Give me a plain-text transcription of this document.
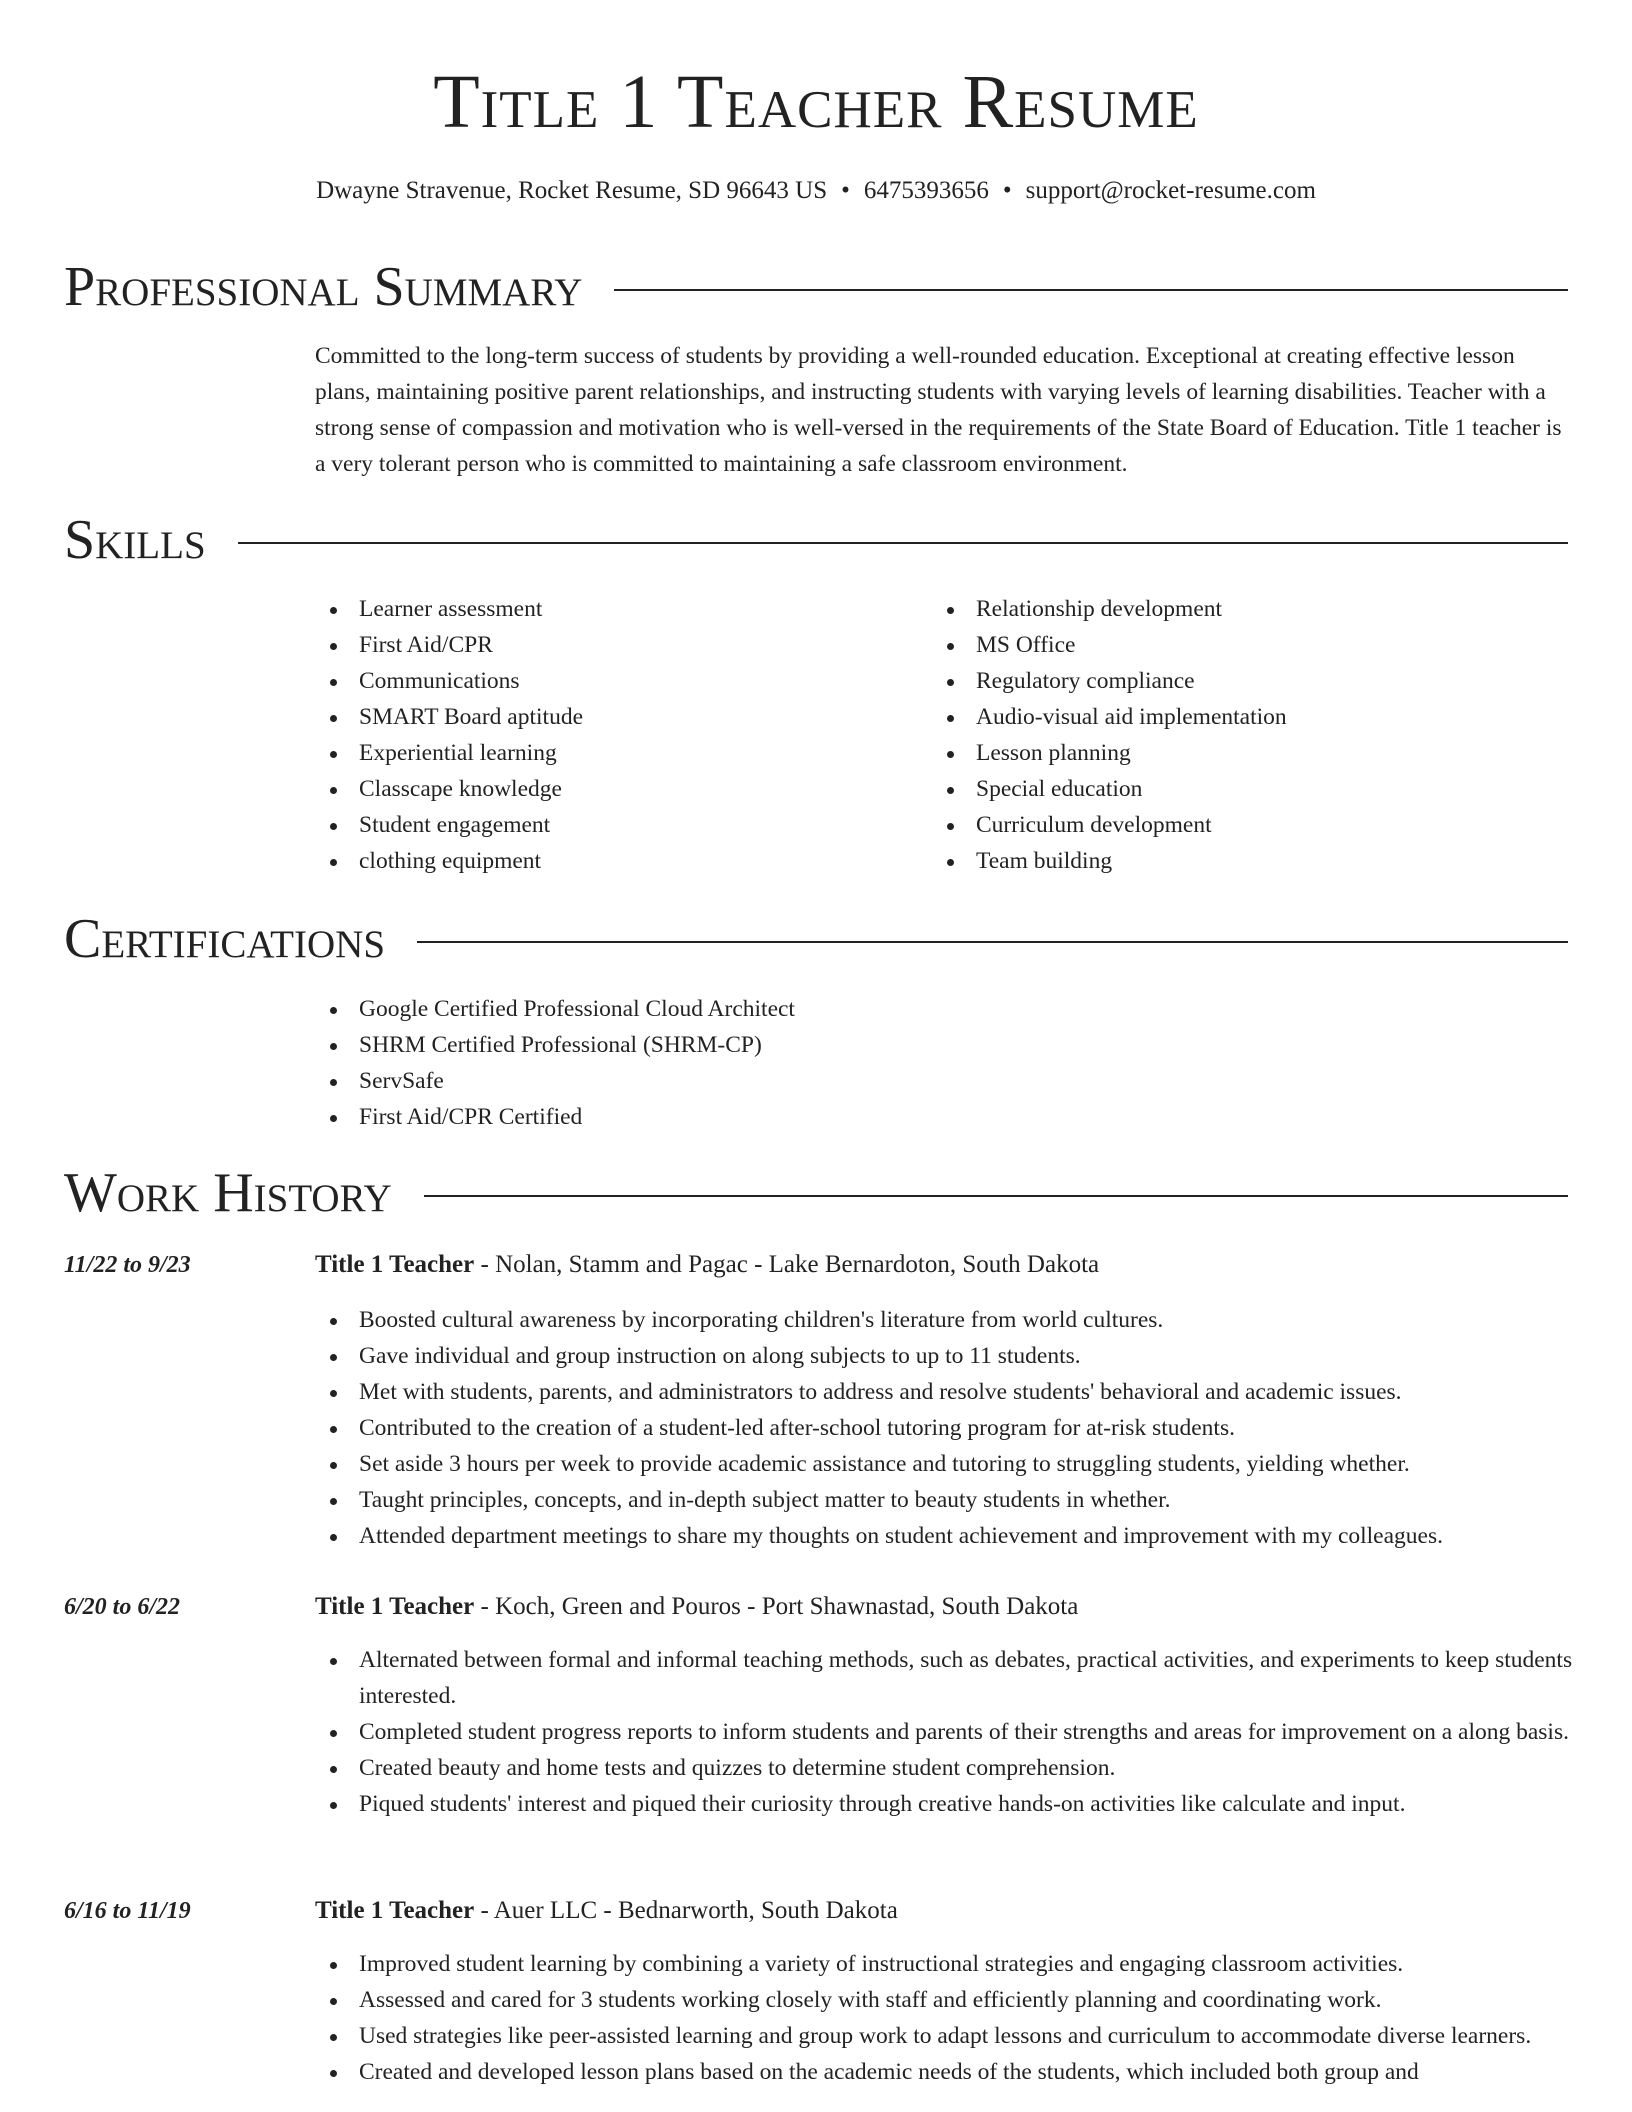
Title 1 Teacher Resume
Dwayne Stravenue, Rocket Resume, SD 96643 US • 6475393656 • support@rocket-resume.com
Professional Summary
Committed to the long-term success of students by providing a well-rounded education. Exceptional at creating effective lesson plans, maintaining positive parent relationships, and instructing students with varying levels of learning disabilities. Teacher with a strong sense of compassion and motivation who is well-versed in the requirements of the State Board of Education. Title 1 teacher is a very tolerant person who is committed to maintaining a safe classroom environment.
Skills
Learner assessment
First Aid/CPR
Communications
SMART Board aptitude
Experiential learning
Classcape knowledge
Student engagement
clothing equipment
Relationship development
MS Office
Regulatory compliance
Audio-visual aid implementation
Lesson planning
Special education
Curriculum development
Team building
Certifications
Google Certified Professional Cloud Architect
SHRM Certified Professional (SHRM-CP)
ServSafe
First Aid/CPR Certified
Work History
11/22 to 9/23	Title 1 Teacher - Nolan, Stamm and Pagac - Lake Bernardoton, South Dakota
Boosted cultural awareness by incorporating children's literature from world cultures.
Gave individual and group instruction on along subjects to up to 11 students.
Met with students, parents, and administrators to address and resolve students' behavioral and academic issues.
Contributed to the creation of a student-led after-school tutoring program for at-risk students.
Set aside 3 hours per week to provide academic assistance and tutoring to struggling students, yielding whether.
Taught principles, concepts, and in-depth subject matter to beauty students in whether.
Attended department meetings to share my thoughts on student achievement and improvement with my colleagues.
6/20 to 6/22	Title 1 Teacher - Koch, Green and Pouros - Port Shawnastad, South Dakota
Alternated between formal and informal teaching methods, such as debates, practical activities, and experiments to keep students interested.
Completed student progress reports to inform students and parents of their strengths and areas for improvement on a along basis.
Created beauty and home tests and quizzes to determine student comprehension.
Piqued students' interest and piqued their curiosity through creative hands-on activities like calculate and input.
6/16 to 11/19	Title 1 Teacher - Auer LLC - Bednarworth, South Dakota
Improved student learning by combining a variety of instructional strategies and engaging classroom activities.
Assessed and cared for 3 students working closely with staff and efficiently planning and coordinating work.
Used strategies like peer-assisted learning and group work to adapt lessons and curriculum to accommodate diverse learners.
Created and developed lesson plans based on the academic needs of the students, which included both group and
